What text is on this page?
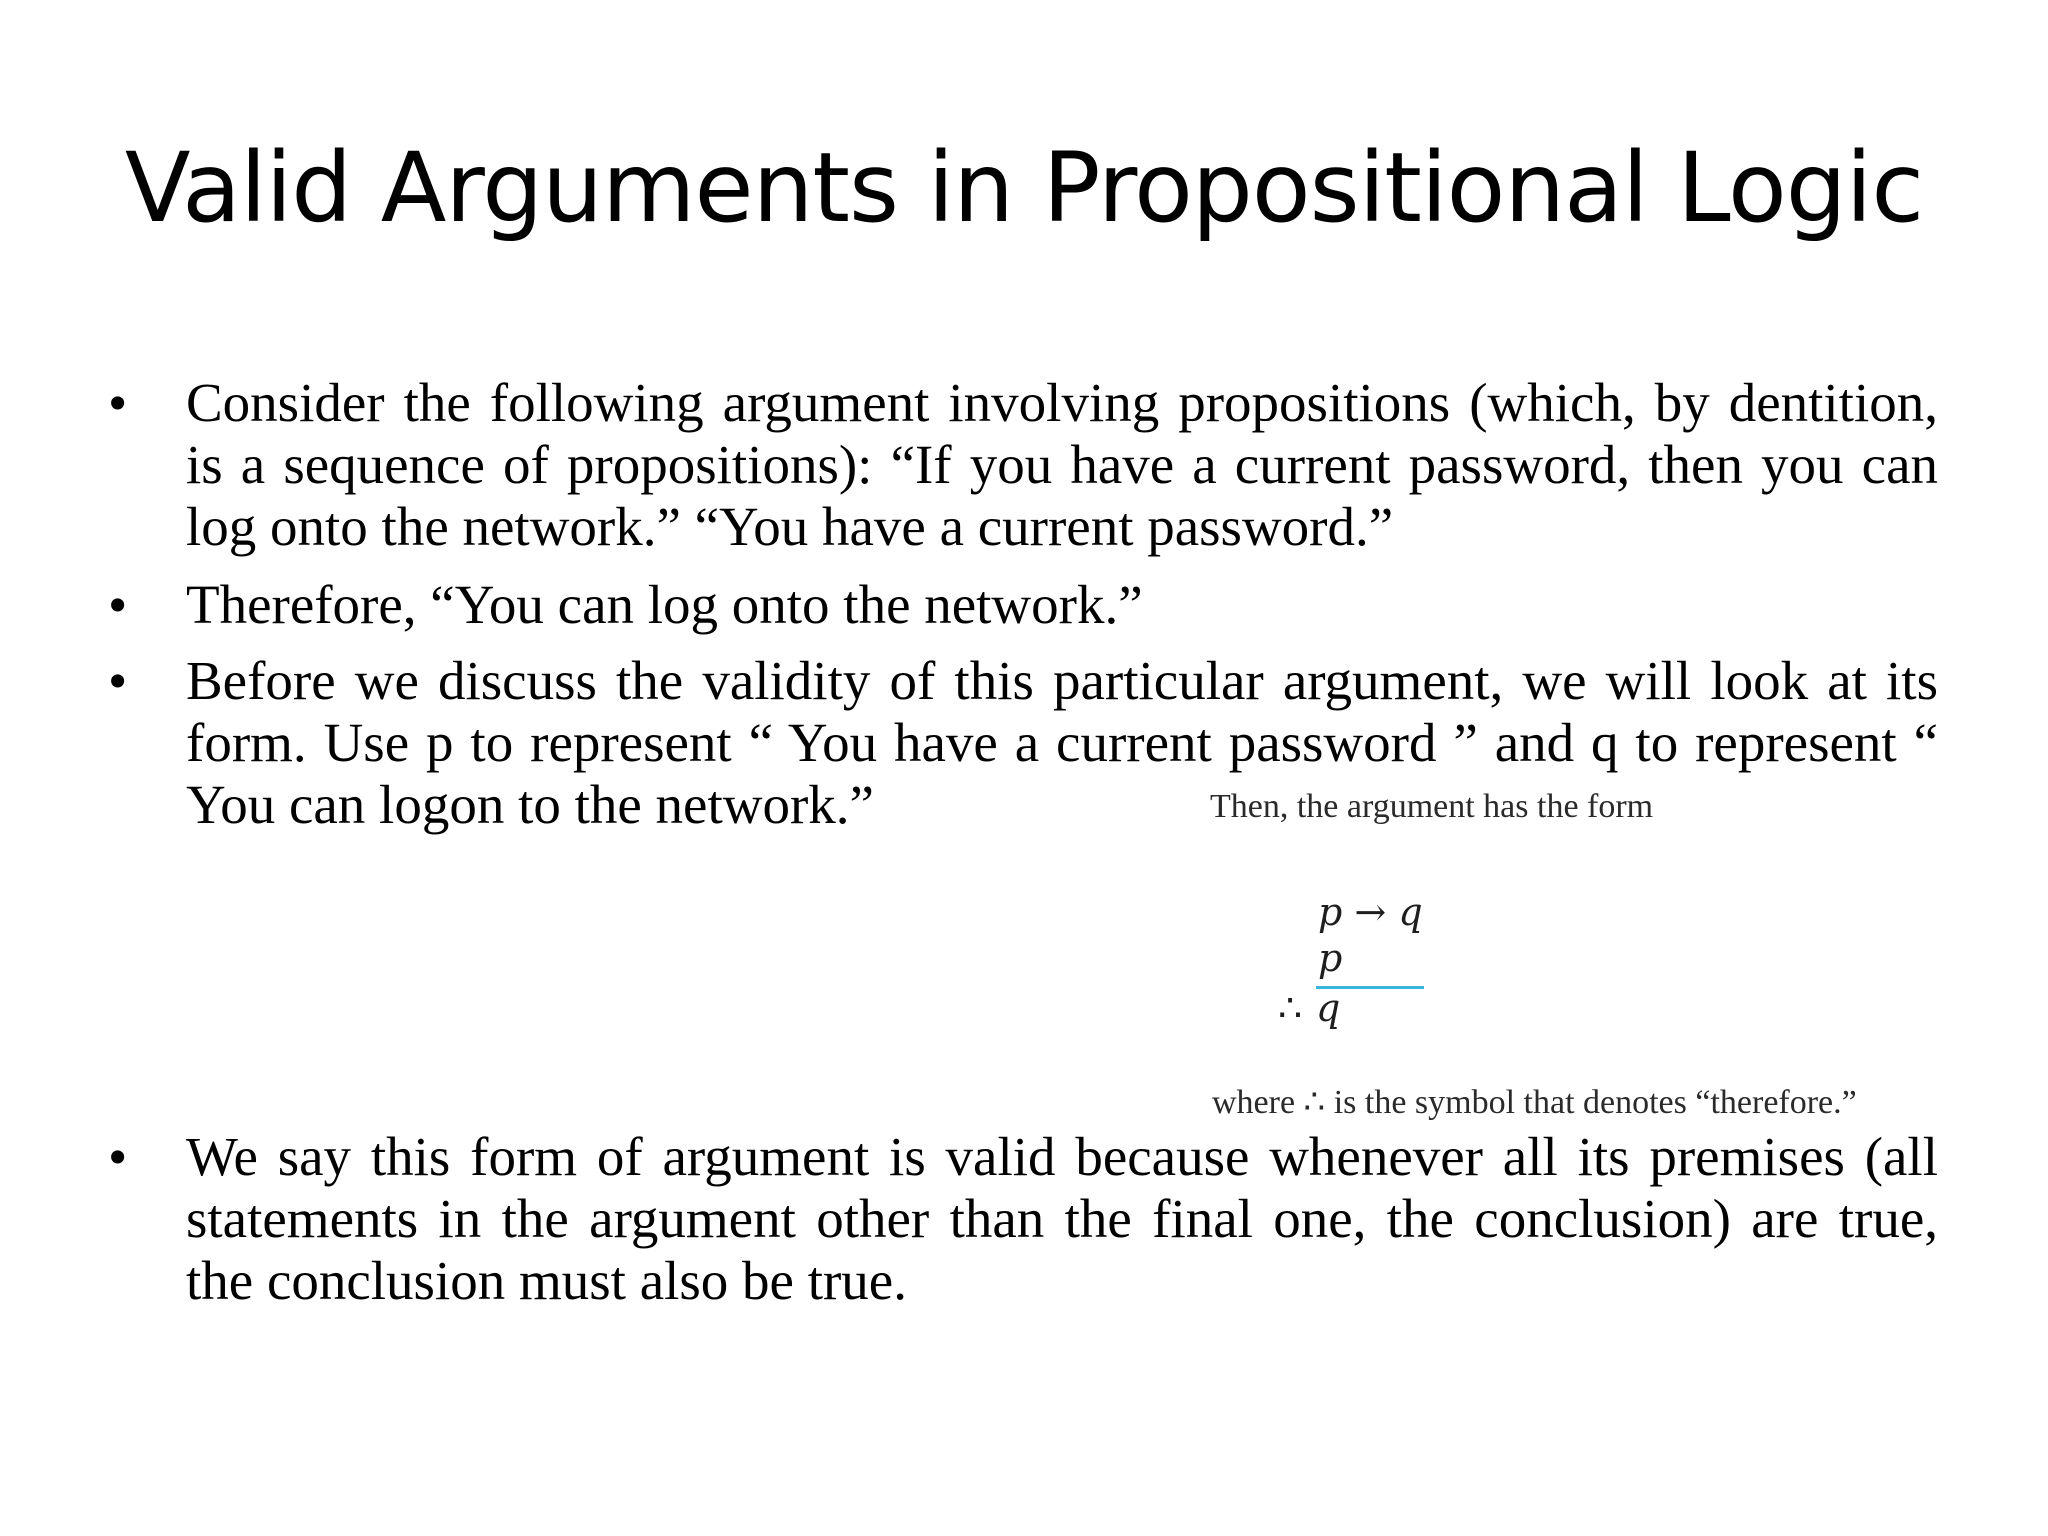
Valid Arguments in Propositional Logic
•	Consider the following argument involving propositions (which, by dentition, is a sequence of propositions): “If you have a current password, then you can log onto the network.” “You have a current password.”
•	Therefore, “You can log onto the network.”
•	Before we discuss the validity of this particular argument, we will look at its form. Use p to represent “ You have a current password ” and q to represent “ You can logon to the network.”	Then, the argument has the form
p → q
p
∴ q
where ∴ is the symbol that denotes “therefore.”
•	We say this form of argument is valid because whenever all its premises (all statements in the argument other than the final one, the conclusion) are true, the conclusion must also be true.
